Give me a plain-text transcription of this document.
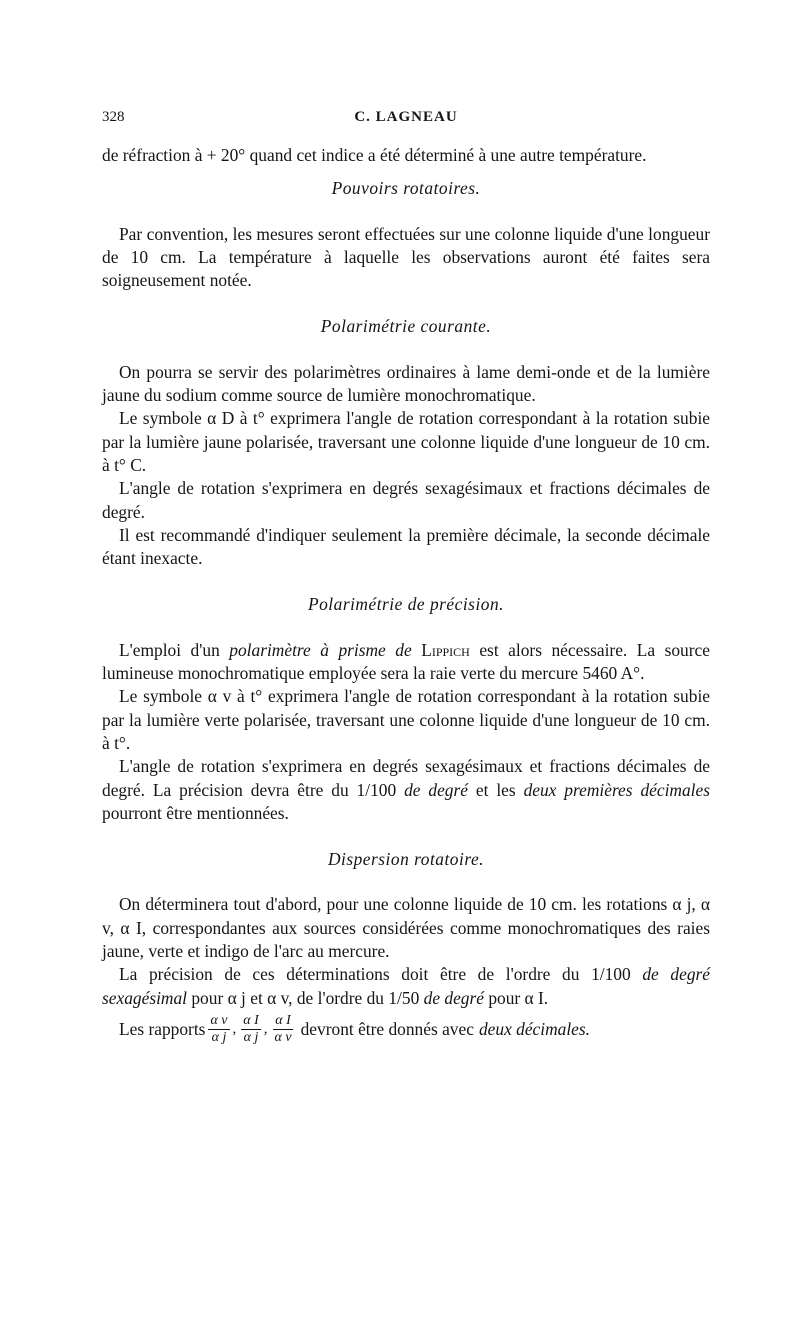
328	C. LAGNEAU

de réfraction à + 20° quand cet indice a été déterminé à une autre température.

Pouvoirs rotatoires.

Par convention, les mesures seront effectuées sur une colonne liquide d'une longueur de 10 cm. La température à laquelle les observations auront été faites sera soigneusement notée.

Polarimétrie courante.

On pourra se servir des polarimètres ordinaires à lame demi-onde et de la lumière jaune du sodium comme source de lumière monochromatique.

Le symbole α D à t° exprimera l'angle de rotation correspondant à la rotation subie par la lumière jaune polarisée, traversant une colonne liquide d'une longueur de 10 cm. à t° C.

L'angle de rotation s'exprimera en degrés sexagésimaux et fractions décimales de degré.

Il est recommandé d'indiquer seulement la première décimale, la seconde décimale étant inexacte.

Polarimétrie de précision.

L'emploi d'un polarimètre à prisme de Lippich est alors nécessaire. La source lumineuse monochromatique employée sera la raie verte du mercure 5460 A°.

Le symbole α v à t° exprimera l'angle de rotation correspondant à la rotation subie par la lumière verte polarisée, traversant une colonne liquide d'une longueur de 10 cm. à t°.

L'angle de rotation s'exprimera en degrés sexagésimaux et fractions décimales de degré. La précision devra être du 1/100 de degré et les deux premières décimales pourront être mentionnées.

Dispersion rotatoire.

On déterminera tout d'abord, pour une colonne liquide de 10 cm. les rotations α j, α v, α I, correspondantes aux sources considérées comme monochromatiques des raies jaune, verte et indigo de l'arc au mercure.

La précision de ces déterminations doit être de l'ordre du 1/100 de degré sexagésimal pour α j et α v, de l'ordre du 1/50 de degré pour α I.

Les rapports $\frac{\text{α v}}{\text{α j}}$ , $\frac{\text{α I}}{\text{α j}}$ , $\frac{\text{α I}}{\text{α v}}$ devront être donnés avec deux décimales.
